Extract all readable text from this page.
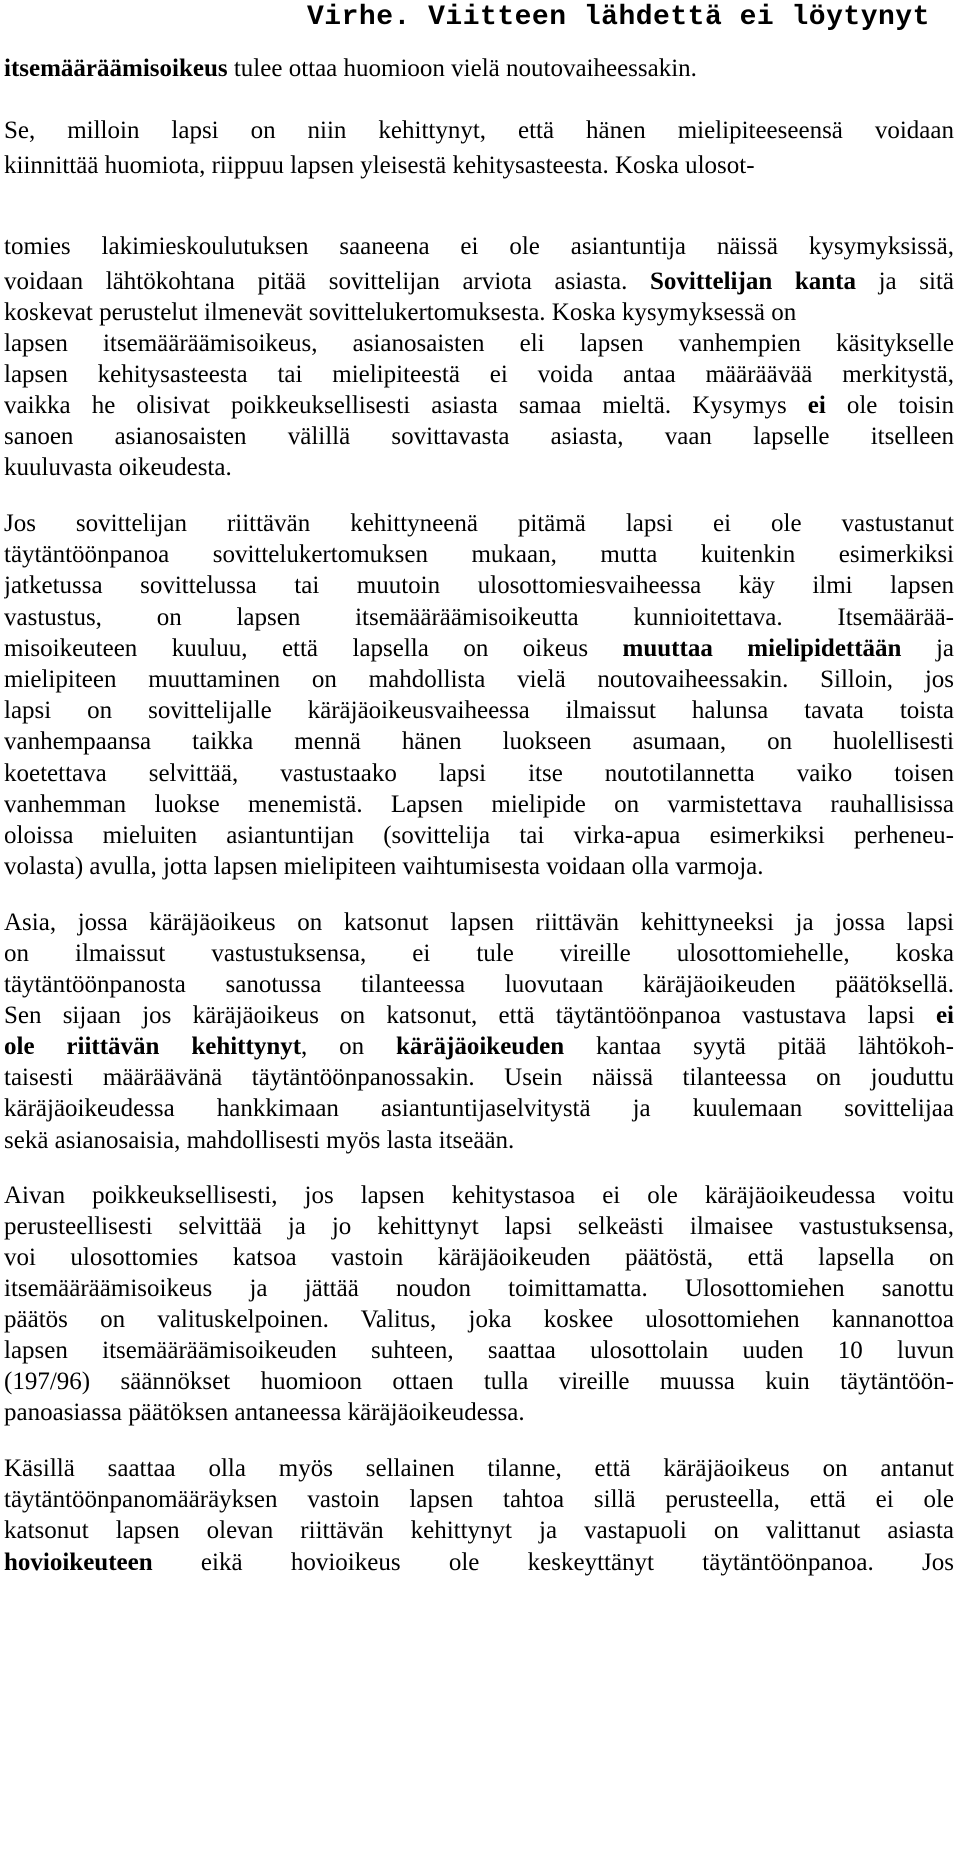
Virhe. Viitteen lähdettä ei löytynyt
itsemääräämisoikeus tulee ottaa huomioon vielä noutovaiheessakin.
Se, milloin lapsi on niin kehittynyt, että hänen mielipiteeseensä voidaan
kiinnittää huomiota, riippuu lapsen yleisestä kehitysasteesta. Koska ulosot-
tomies lakimieskoulutuksen saaneena ei ole asiantuntija näissä kysymyksissä,
voidaan lähtökohtana pitää sovittelijan arviota asiasta. Sovittelijan kanta ja sitä
koskevat perustelut ilmenevät sovittelukertomuksesta. Koska kysymyksessä on
lapsen itsemääräämisoikeus, asianosaisten eli lapsen vanhempien käsitykselle
lapsen kehitysasteesta tai mielipiteestä ei voida antaa määräävää merkitystä,
vaikka he olisivat poikkeuksellisesti asiasta samaa mieltä. Kysymys ei ole toisin
sanoen asianosaisten välillä sovittavasta asiasta, vaan lapselle itselleen
kuuluvasta oikeudesta.
Jos sovittelijan riittävän kehittyneenä pitämä lapsi ei ole vastustanut
täytäntöönpanoa sovittelukertomuksen mukaan, mutta kuitenkin esimerkiksi
jatketussa sovittelussa tai muutoin ulosottomiesvaiheessa käy ilmi lapsen
vastustus, on lapsen itsemääräämisoikeutta kunnioitettava. Itsemäärää-
misoikeuteen kuuluu, että lapsella on oikeus muuttaa mielipidettään ja
mielipiteen muuttaminen on mahdollista vielä noutovaiheessakin. Silloin, jos
lapsi on sovittelijalle käräjäoikeusvaiheessa ilmaissut halunsa tavata toista
vanhempaansa taikka mennä hänen luokseen asumaan, on huolellisesti
koetettava selvittää, vastustaako lapsi itse noutotilannetta vaiko toisen
vanhemman luokse menemistä. Lapsen mielipide on varmistettava rauhallisissa
oloissa mieluiten asiantuntijan (sovittelija tai virka-apua esimerkiksi perheneu-
volasta) avulla, jotta lapsen mielipiteen vaihtumisesta voidaan olla varmoja.
Asia, jossa käräjäoikeus on katsonut lapsen riittävän kehittyneeksi ja jossa lapsi
on ilmaissut vastustuksensa, ei tule vireille ulosottomiehelle, koska
täytäntöönpanosta sanotussa tilanteessa luovutaan käräjäoikeuden päätöksellä.
Sen sijaan jos käräjäoikeus on katsonut, että täytäntöönpanoa vastustava lapsi ei
ole riittävän kehittynyt, on käräjäoikeuden kantaa syytä pitää lähtökoh-
taisesti määräävänä täytäntöönpanossakin. Usein näissä tilanteessa on jouduttu
käräjäoikeudessa hankkimaan asiantuntijaselvitystä ja kuulemaan sovittelijaa
sekä asianosaisia, mahdollisesti myös lasta itseään.
Aivan poikkeuksellisesti, jos lapsen kehitystasoa ei ole käräjäoikeudessa voitu
perusteellisesti selvittää ja jo kehittynyt lapsi selkeästi ilmaisee vastustuksensa,
voi ulosottomies katsoa vastoin käräjäoikeuden päätöstä, että lapsella on
itsemääräämisoikeus ja jättää noudon toimittamatta. Ulosottomiehen sanottu
päätös on valituskelpoinen. Valitus, joka koskee ulosottomiehen kannanottoa
lapsen itsemääräämisoikeuden suhteen, saattaa ulosottolain uuden 10 luvun
(197/96) säännökset huomioon ottaen tulla vireille muussa kuin täytäntöön-
panoasiassa päätöksen antaneessa käräjäoikeudessa.
Käsillä saattaa olla myös sellainen tilanne, että käräjäoikeus on antanut
täytäntöönpanomääräyksen vastoin lapsen tahtoa sillä perusteella, että ei ole
katsonut lapsen olevan riittävän kehittynyt ja vastapuoli on valittanut asiasta
hovioikeuteen eikä hovioikeus ole keskeyttänyt täytäntöönpanoa. Jos
